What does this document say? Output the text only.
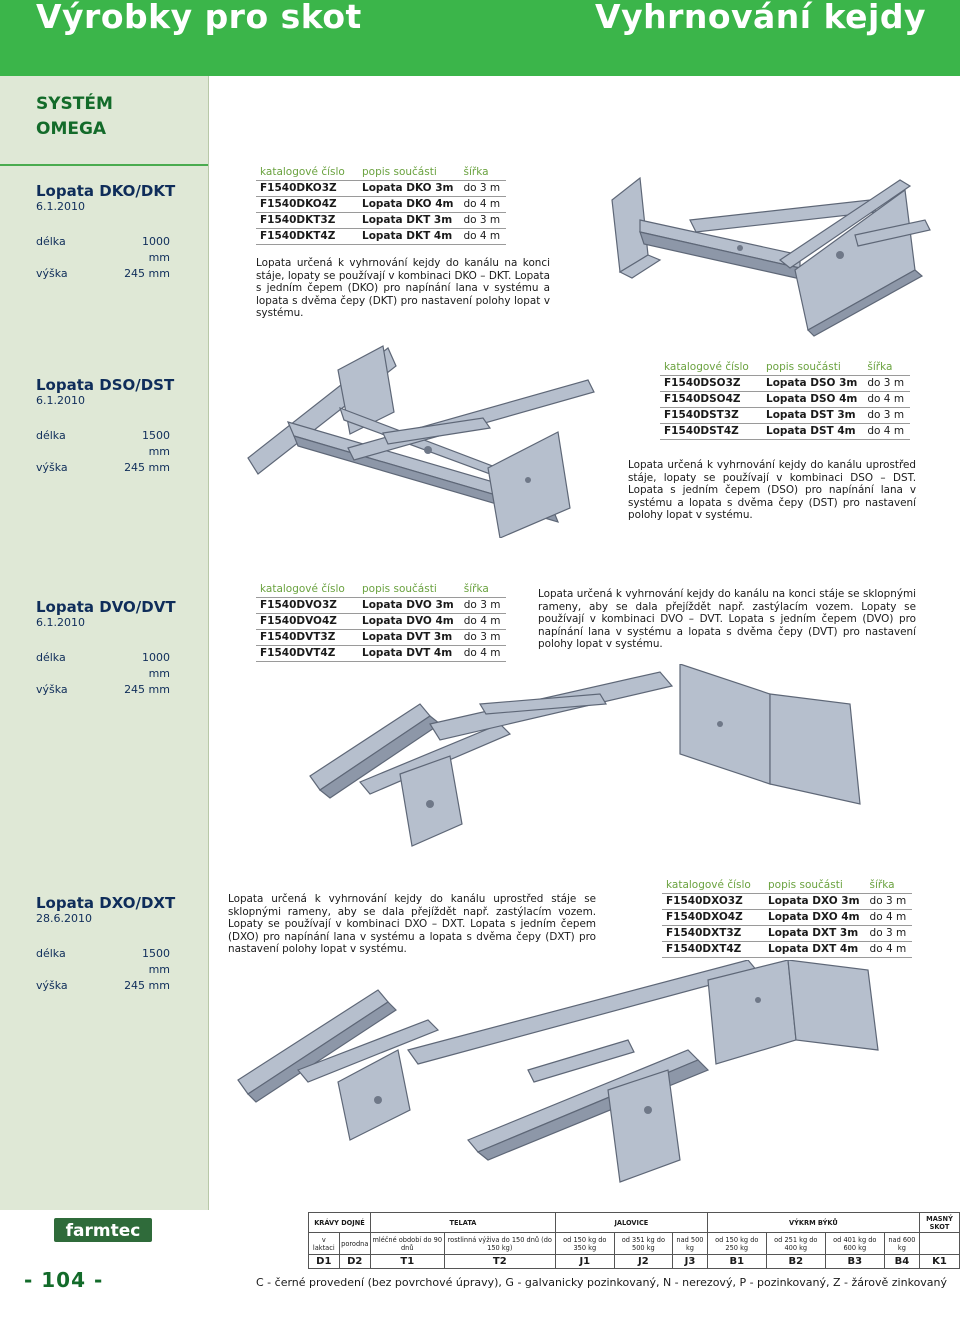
Výrobky pro skot	Vyhrnování kejdy
SYSTÉM
OMEGA
Lopata DKO/DKT
6.1.2010
délka	1000 mm
výška	245 mm
katalogové číslo	popis součásti	šířka
F1540DKO3Z	Lopata DKO 3m	do 3 m
F1540DKO4Z	Lopata DKO 4m	do 4 m
F1540DKT3Z	Lopata DKT 3m	do 3 m
F1540DKT4Z	Lopata DKT 4m	do 4 m
Lopata určená k vyhrnování kejdy do kanálu na konci stáje, lopaty se používají v kombinaci DKO – DKT. Lopata s jedním čepem (DKO) pro napínání lana v systému a lopata s dvěma čepy (DKT) pro nastavení polohy lopat v systému.
Lopata DSO/DST
6.1.2010
délka	1500 mm
výška	245 mm
katalogové číslo	popis součásti	šířka
F1540DSO3Z	Lopata DSO 3m	do 3 m
F1540DSO4Z	Lopata DSO 4m	do 4 m
F1540DST3Z	Lopata DST 3m	do 3 m
F1540DST4Z	Lopata DST 4m	do 4 m
Lopata určená k vyhrnování kejdy do kanálu uprostřed stáje, lopaty se používají v kombinaci DSO – DST. Lopata s jedním čepem (DSO) pro napínání lana v systému a lopata s dvěma čepy (DST) pro nastavení polohy lopat v systému.
Lopata DVO/DVT
6.1.2010
délka	1000 mm
výška	245 mm
katalogové číslo	popis součásti	šířka
F1540DVO3Z	Lopata DVO 3m	do 3 m
F1540DVO4Z	Lopata DVO 4m	do 4 m
F1540DVT3Z	Lopata DVT 3m	do 3 m
F1540DVT4Z	Lopata DVT 4m	do 4 m
Lopata určená k vyhrnování kejdy do kanálu na konci stáje se sklopnými rameny, aby se dala přejíždět např. zastýlacím vozem. Lopaty se používají v kombinaci DVO – DVT. Lopata s jedním čepem (DVO) pro napínání lana v systému a lopata s dvěma čepy (DVT) pro nastavení polohy lopat v systému.
Lopata DXO/DXT
28.6.2010
délka	1500 mm
výška	245 mm
Lopata určená k vyhrnování kejdy do kanálu uprostřed stáje se sklopnými rameny, aby se dala přejíždět např. zastýlacím vozem. Lopaty se používají v kombinaci DXO – DXT. Lopata s jedním čepem (DXO) pro napínání lana v systému a lopata s dvěma čepy (DXT) pro nastavení polohy lopat v systému.
katalogové číslo	popis součásti	šířka
F1540DXO3Z	Lopata DXO 3m	do 3 m
F1540DXO4Z	Lopata DXO 4m	do 4 m
F1540DXT3Z	Lopata DXT 3m	do 3 m
F1540DXT4Z	Lopata DXT 4m	do 4 m
farmtec
- 104 -
KRÁVY DOJNÉ		TELATA		JALOVICE			VÝKRM BÝKŮ				MASNÝ SKOT
v laktaci	porodna	mléčné období do 90 dnů	rostlinná výživa do 150 dnů (do 150 kg)	od 150 kg do 350 kg	od 351 kg do 500 kg	nad 500 kg	od 150 kg do 250 kg	od 251 kg do 400 kg	od 401 kg do 600 kg	nad 600 kg	
D1	D2	T1	T2	J1	J2	J3	B1	B2	B3	B4	K1
C - černé provedení (bez povrchové úpravy), G - galvanicky pozinkovaný, N - nerezový, P - pozinkovaný, Z - žárově zinkovaný
